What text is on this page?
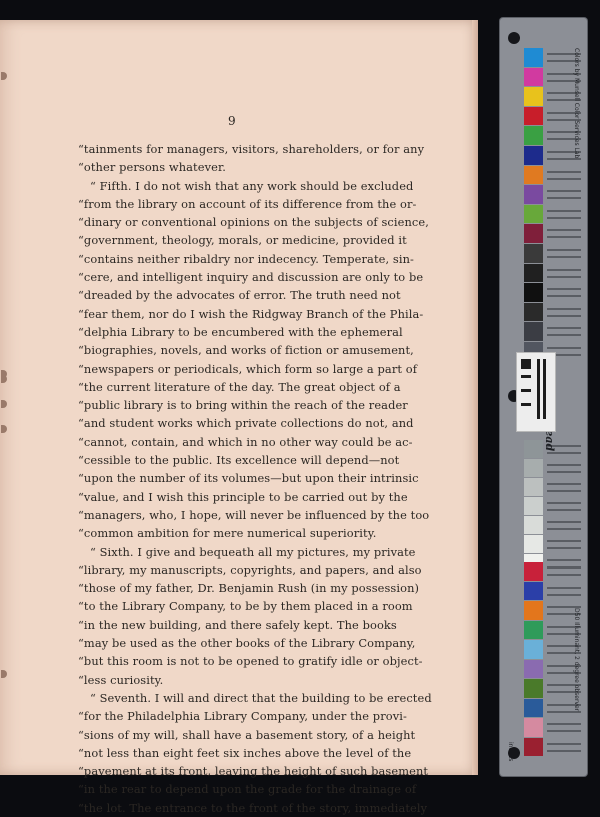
9
“tainments for managers, visitors, shareholders, or for any
“other persons whatever.
“ Fifth. I do not wish that any work should be excluded
“from the library on account of its difference from the or-
“dinary or conventional opinions on the subjects of science,
“government, theology, morals, or medicine, provided it
“contains neither ribaldry nor indecency. Temperate, sin-
“cere, and intelligent inquiry and discussion are only to be
“dreaded by the advocates of error. The truth need not
“fear them, nor do I wish the Ridgway Branch of the Phila-
“delphia Library to be encumbered with the ephemeral
“biographies, novels, and works of fiction or amusement,
“newspapers or periodicals, which form so large a part of
“the current literature of the day. The great object of a
“public library is to bring within the reach of the reader
“and student works which private collections do not, and
“cannot, contain, and which in no other way could be ac-
“cessible to the public. Its excellence will depend—not
“upon the number of its volumes—but upon their intrinsic
“value, and I wish this principle to be carried out by the
“managers, who, I hope, will never be influenced by the too
“common ambition for mere numerical superiority.
“ Sixth. I give and bequeath all my pictures, my private
“library, my manuscripts, copyrights, and papers, and also
“those of my father, Dr. Benjamin Rush (in my possession)
“to the Library Company, to be by them placed in a room
“in the new building, and there safely kept. The books
“may be used as the other books of the Library Company,
“but this room is not to be opened to gratify idle or object-
“less curiosity.
“ Seventh. I will and direct that the building to be erected
“for the Philadelphia Library Company, under the provi-
“sions of my will, shall have a basement story, of a height
“not less than eight feet six inches above the level of the
“pavement at its front, leaving the height of such basement
“in the rear to depend upon the grade for the drainage of
“the lot. The entrance to the front of the story, immediately
Colors by Munsell Color Services Lab
D50 Illuminant, 2 degree observer
